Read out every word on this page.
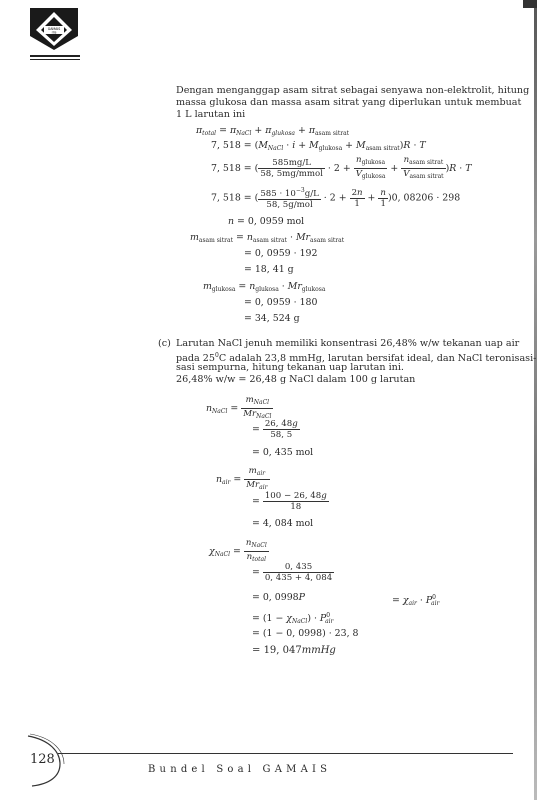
GAMAIS
ITB
Dengan menganggap asam sitrat sebagai senyawa non-elektrolit, hitung
massa glukosa dan massa asam sitrat yang diperlukan untuk membuat
1 L larutan ini
$\pi_{total} = \pi_{NaCl} + \pi_{glukosa} + \pi_{asam sitrat}$
7, $518 = (M_{NaCl} \cdot i + M_{glukosa} + M_{asam sitrat})R \cdot T$
7, 518 = ( $\frac{585mg/L}{\text{58, 5mg/mmol}} \cdot 2 + \frac{n_{glukosa}}{V_{glukosa}} + \frac{n_{asam sitrat}}{V_{asam sitrat}} )R \cdot T$
7, 518 = ( $\frac{585 \cdot 10^{-3}g/L}{\text{58, 5g/mol}} \cdot 2 + \frac{2n}{1} + \frac{n}{1} )0$, 08206 · 298
n = 0, 0959 mol
$m_{asam sitrat} = n_{asam sitrat} \cdot Mr_{asam sitrat}$
= 0, 0959 · 192
= 18, 41 g
$m_{glukosa} = n_{glukosa} \cdot Mr_{glukosa}$
= 0, 0959 · 180
= 34, 524 g
(c) Larutan NaCl jenuh memiliki konsentrasi 26,48% w/w tekanan uap air
pada $25^0C$ adalah 23,8 mmHg, larutan bersifat ideal, dan NaCl teronisasi-
sasi sempurna, hitung tekanan uap larutan ini.
26,48% w/w = 26,48 g NaCl dalam 100 g larutan
$n_{NaCl} = \frac{m_{NaCl}}{Mr_{NaCl}}$
= $\frac{26, 48g}{58, 5}$
= 0, 435 mol
$n_{air} = \frac{m_{air}}{Mr_{air}}$
= $\frac{100 - 26, 48g}{18}$
= 4, 084 mol
$\chi_{NaCl} = \frac{n_{NaCl}}{n_{total}}$
= $\frac{0, 435}{0, 435 + 4, 084}$
= 0, 0998P	= $\chi_{air} \cdot P^0_{air}$
= $(1 - \chi_{NaCl}) \cdot P^0_{air}$
= (1 − 0, 0998) · 23, 8
= 19, 047mmHg
128
Bundel Soal GAMAIS
